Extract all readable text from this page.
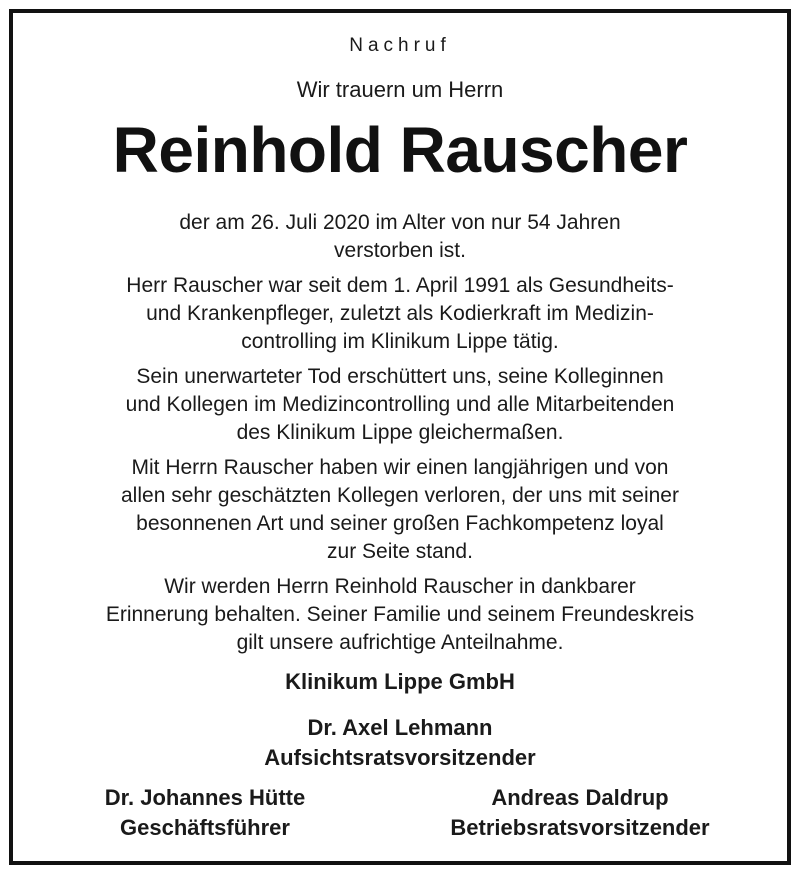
Nachruf
Wir trauern um Herrn
Reinhold Rauscher

der am 26. Juli 2020 im Alter von nur 54 Jahren
verstorben ist.

Herr Rauscher war seit dem 1. April 1991 als Gesundheits-
und Krankenpfleger, zuletzt als Kodierkraft im Medizin-
controlling im Klinikum Lippe tätig.

Sein unerwarteter Tod erschüttert uns, seine Kolleginnen
und Kollegen im Medizincontrolling und alle Mitarbeitenden
des Klinikum Lippe gleichermaßen.

Mit Herrn Rauscher haben wir einen langjährigen und von
allen sehr geschätzten Kollegen verloren, der uns mit seiner
besonnenen Art und seiner großen Fachkompetenz loyal
zur Seite stand.

Wir werden Herrn Reinhold Rauscher in dankbarer
Erinnerung behalten. Seiner Familie und seinem Freundeskreis
gilt unsere aufrichtige Anteilnahme.

Klinikum Lippe GmbH
Dr. Axel Lehmann
Aufsichtsratsvorsitzender
Dr. Johannes Hütte
Geschäftsführer
Andreas Daldrup
Betriebsratsvorsitzender
